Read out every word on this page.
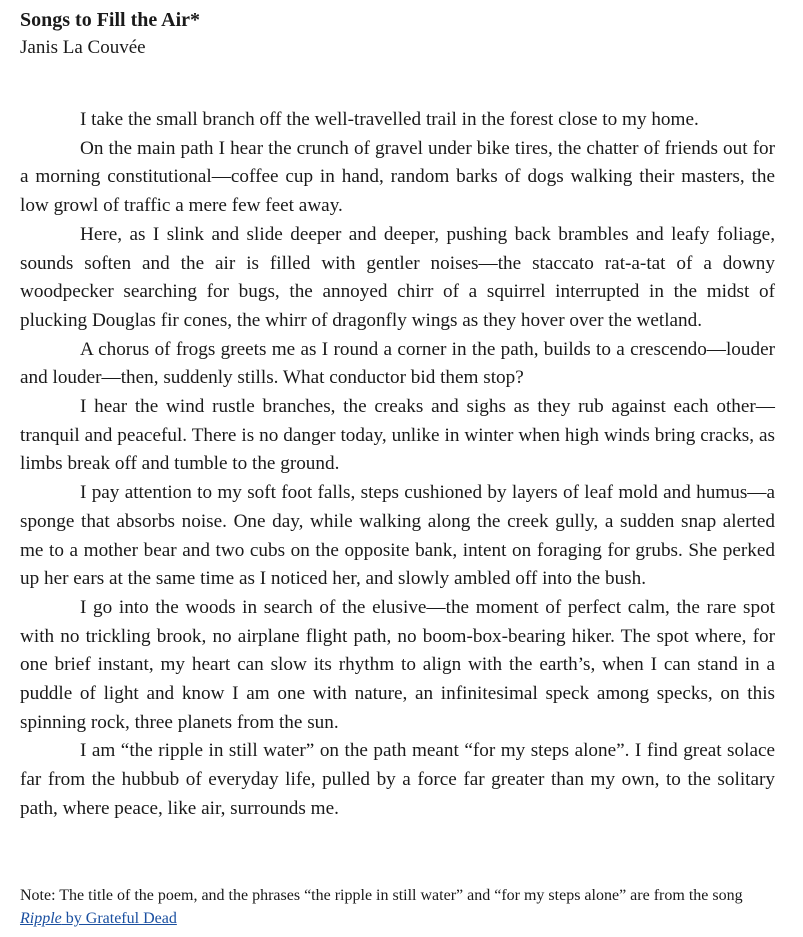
Songs to Fill the Air*
Janis La Couvée

I take the small branch off the well-travelled trail in the forest close to my home.

On the main path I hear the crunch of gravel under bike tires, the chatter of friends out for a morning constitutional—coffee cup in hand, random barks of dogs walking their masters, the low growl of traffic a mere few feet away.

Here, as I slink and slide deeper and deeper, pushing back brambles and leafy foliage, sounds soften and the air is filled with gentler noises—the staccato rat-a-tat of a downy woodpecker searching for bugs, the annoyed chirr of a squirrel interrupted in the midst of plucking Douglas fir cones, the whirr of dragonfly wings as they hover over the wetland.

A chorus of frogs greets me as I round a corner in the path, builds to a crescendo—louder and louder—then, suddenly stills. What conductor bid them stop?

I hear the wind rustle branches, the creaks and sighs as they rub against each other—tranquil and peaceful. There is no danger today, unlike in winter when high winds bring cracks, as limbs break off and tumble to the ground.

I pay attention to my soft foot falls, steps cushioned by layers of leaf mold and humus—a sponge that absorbs noise. One day, while walking along the creek gully, a sudden snap alerted me to a mother bear and two cubs on the opposite bank, intent on foraging for grubs. She perked up her ears at the same time as I noticed her, and slowly ambled off into the bush.

I go into the woods in search of the elusive—the moment of perfect calm, the rare spot with no trickling brook, no airplane flight path, no boom-box-bearing hiker. The spot where, for one brief instant, my heart can slow its rhythm to align with the earth’s, when I can stand in a puddle of light and know I am one with nature, an infinitesimal speck among specks, on this spinning rock, three planets from the sun.

I am “the ripple in still water” on the path meant “for my steps alone”. I find great solace far from the hubbub of everyday life, pulled by a force far greater than my own, to the solitary path, where peace, like air, surrounds me.

Note: The title of the poem, and the phrases “the ripple in still water” and “for my steps alone” are from the song Ripple by Grateful Dead
